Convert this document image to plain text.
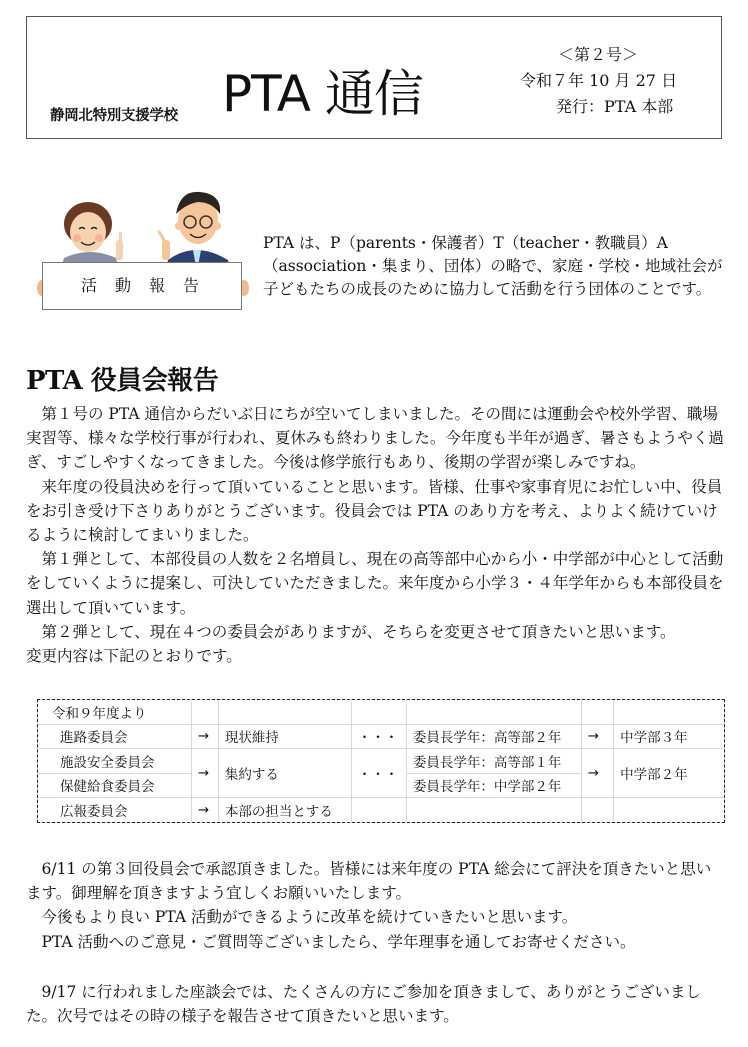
静岡北特別支援学校 PTA 通信
＜第２号＞
令和７年 10 月 27 日
発行：PTA 本部
活動報告
PTA は、P（parents・保護者）T（teacher・教職員）A（association・集まり、団体）の略で、家庭・学校・地域社会が子どもたちの成長のために協力して活動を行う団体のことです。
PTA 役員会報告

第１号の PTA 通信からだいぶ日にちが空いてしまいました。その間には運動会や校外学習、職場実習等、様々な学校行事が行われ、夏休みも終わりました。今年度も半年が過ぎ、暑さもようやく過ぎ、すごしやすくなってきました。今後は修学旅行もあり、後期の学習が楽しみですね。

来年度の役員決めを行って頂いていることと思います。皆様、仕事や家事育児にお忙しい中、役員をお引き受け下さりありがとうございます。役員会では PTA のあり方を考え、よりよく続けていけるように検討してまいりました。

第１弾として、本部役員の人数を２名増員し、現在の高等部中心から小・中学部が中心として活動をしていくように提案し、可決していただきました。来年度から小学３・４年学年からも本部役員を選出して頂いています。

第２弾として、現在４つの委員会がありますが、そちらを変更させて頂きたいと思います。

変更内容は下記のとおりです。

令和９年度より						
進路委員会	→	現状維持	・・・	委員長学年：高等部２年	→	中学部３年
施設安全委員会	→	集約する	・・・	委員長学年：高等部１年	→	中学部２年
保健給食委員会				委員長学年：中学部２年		
広報委員会	→	本部の担当とする				

6/11 の第３回役員会で承認頂きました。皆様には来年度の PTA 総会にて評決を頂きたいと思います。御理解を頂きますよう宜しくお願いいたします。

今後もより良い PTA 活動ができるように改革を続けていきたいと思います。

PTA 活動へのご意見・ご質問等ございましたら、学年理事を通してお寄せください。

9/17 に行われました座談会では、たくさんの方にご参加を頂きまして、ありがとうございました。次号ではその時の様子を報告させて頂きたいと思います。
